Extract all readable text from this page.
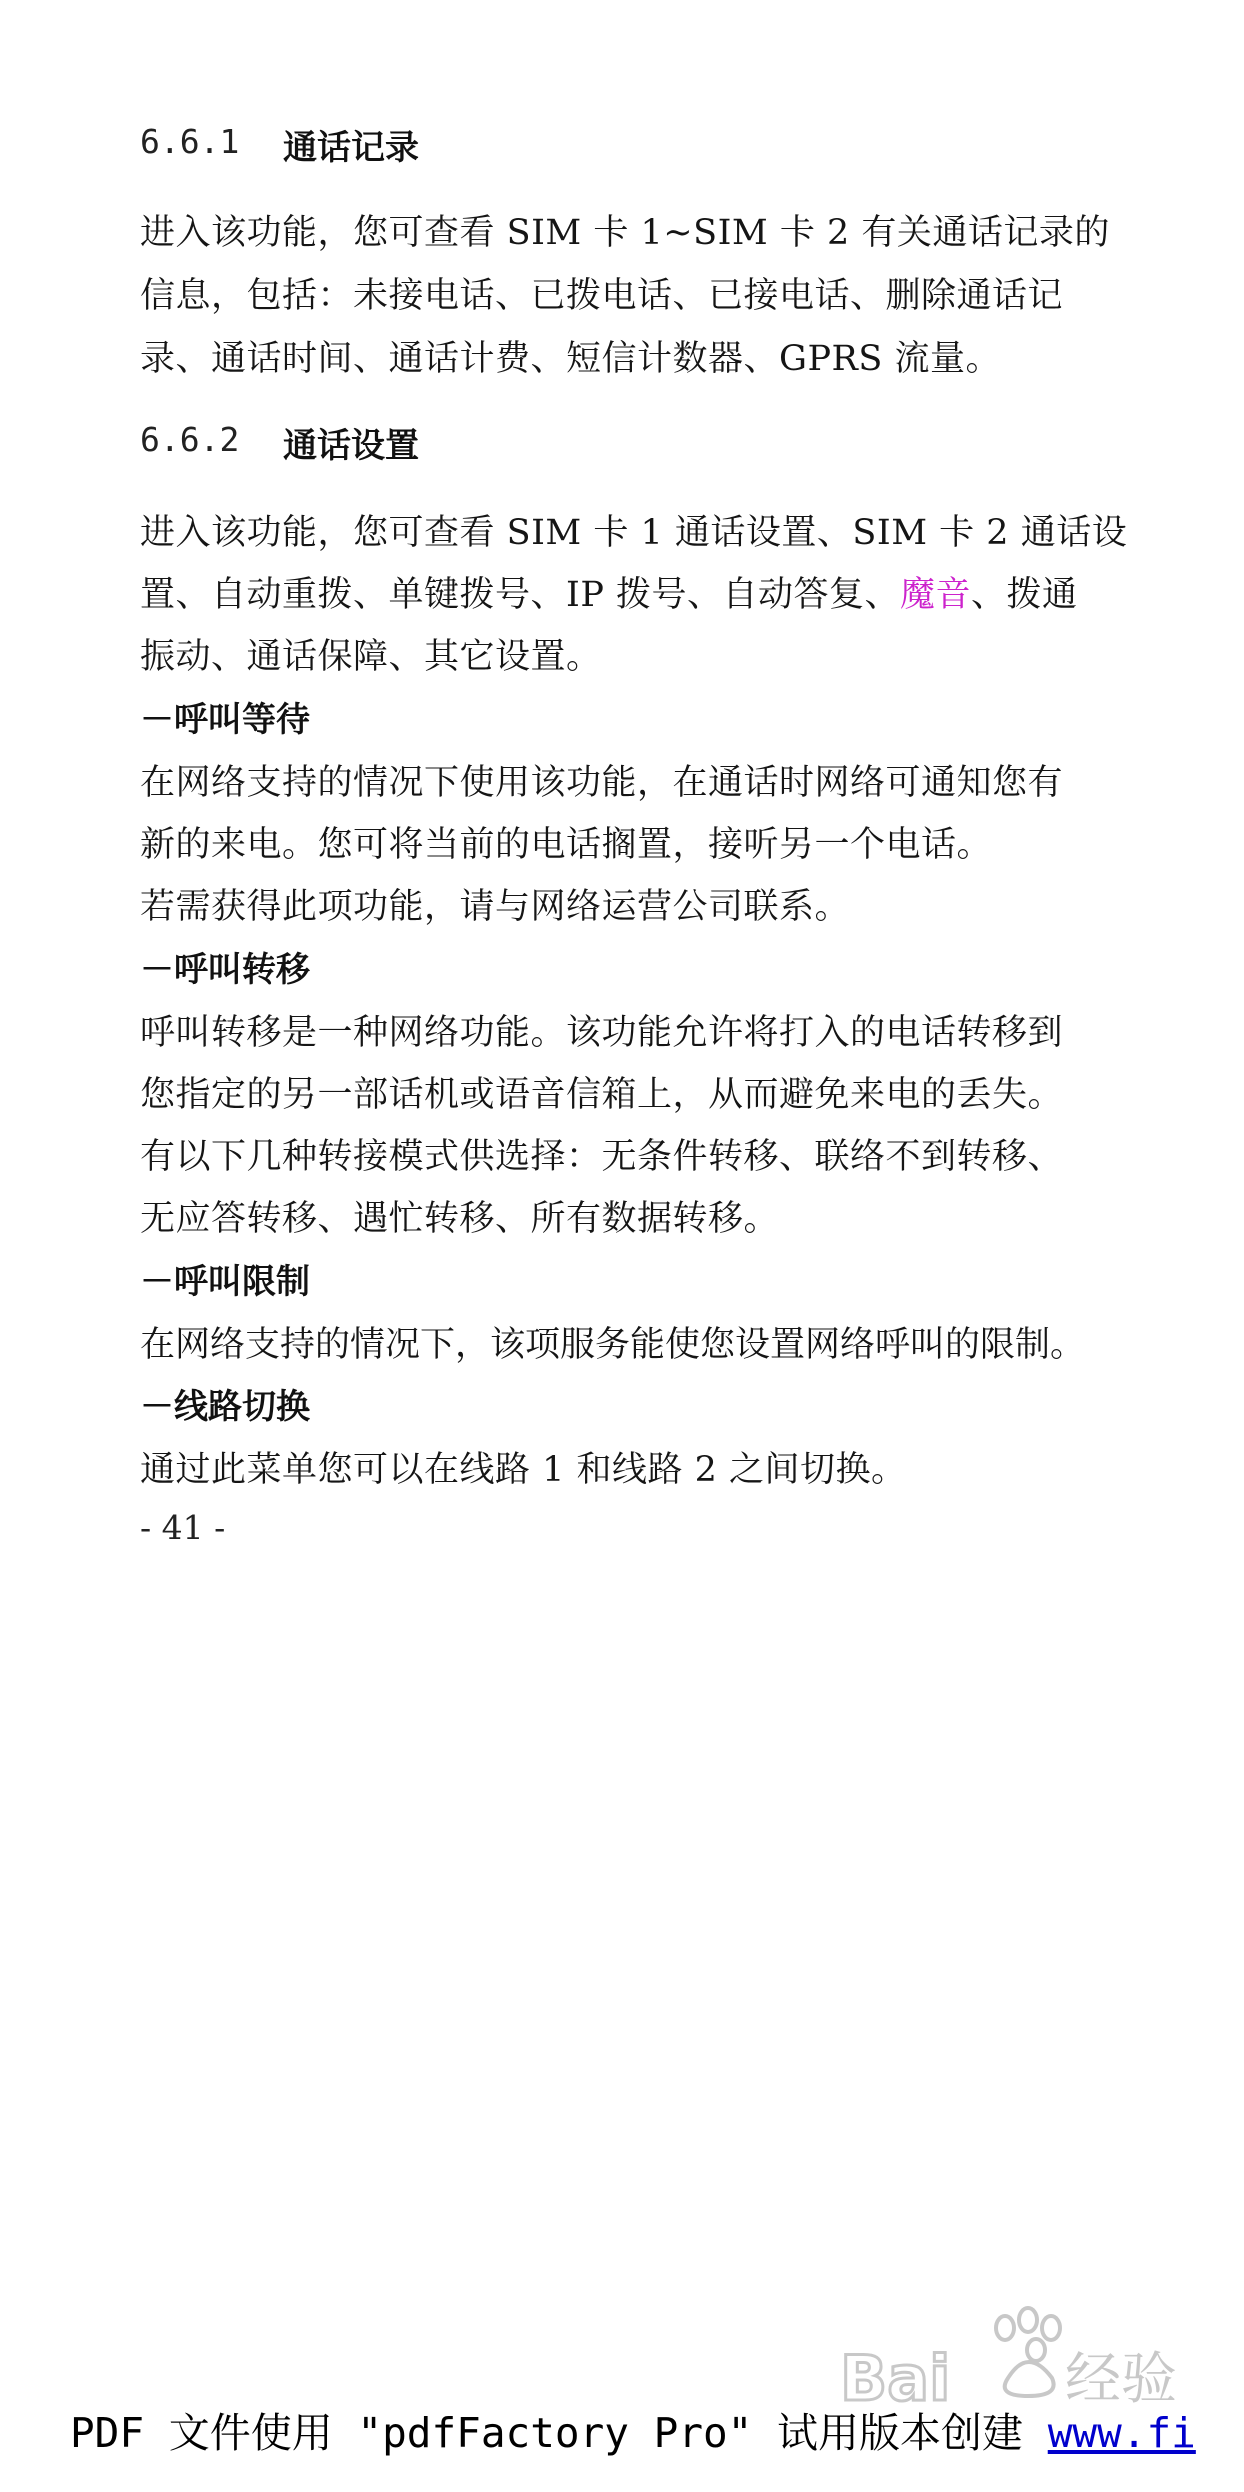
6.6.1 通话记录
进入该功能，您可查看 SIM 卡 1~SIM 卡 2 有关通话记录的
信息，包括：未接电话、已拨电话、已接电话、删除通话记
录、通话时间、通话计费、短信计数器、GPRS 流量。
6.6.2 通话设置
进入该功能，您可查看 SIM 卡 1 通话设置、SIM 卡 2 通话设
置、自动重拨、单键拨号、IP 拨号、自动答复、魔音、拨通
振动、通话保障、其它设置。
－呼叫等待
在网络支持的情况下使用该功能，在通话时网络可通知您有
新的来电。您可将当前的电话搁置，接听另一个电话。
若需获得此项功能，请与网络运营公司联系。
－呼叫转移
呼叫转移是一种网络功能。该功能允许将打入的电话转移到
您指定的另一部话机或语音信箱上，从而避免来电的丢失。
有以下几种转接模式供选择：无条件转移、联络不到转移、
无应答转移、遇忙转移、所有数据转移。
－呼叫限制
在网络支持的情况下，该项服务能使您设置网络呼叫的限制。
－线路切换
通过此菜单您可以在线路 1 和线路 2 之间切换。
- 41 -
Bai 经验
PDF 文件使用 "pdfFactory Pro" 试用版本创建 www.fi
